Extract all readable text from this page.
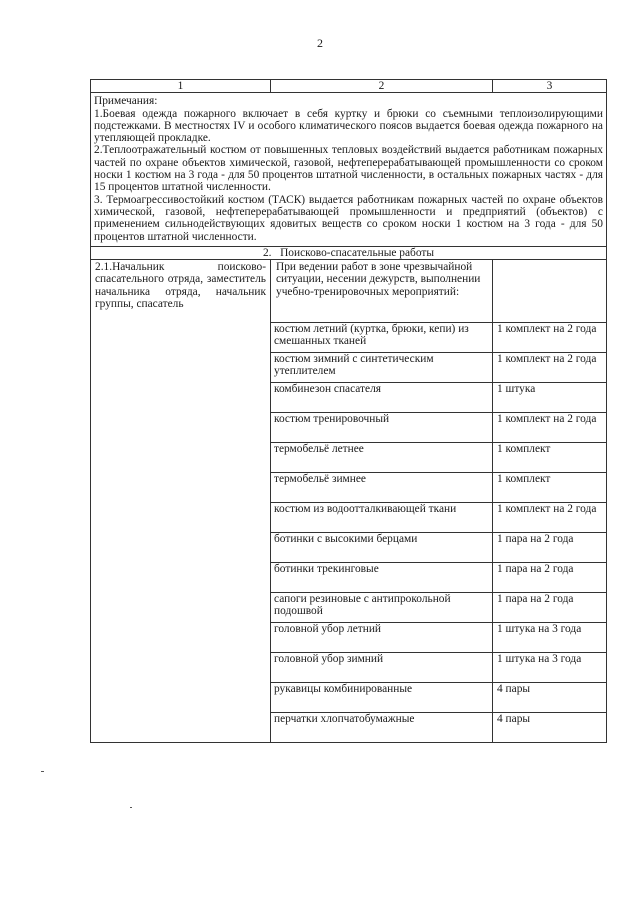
2
1	2	3

Примечания:

1.Боевая одежда пожарного включает в себя куртку и брюки со съемными теплоизолирующими подстежками. В местностях IV и особого климатического поясов выдается боевая одежда пожарного на утепляющей прокладке.

2.Теплоотражательный костюм от повышенных тепловых воздействий выдается работникам пожарных частей по охране объектов химической, газовой, нефтеперерабатывающей промышленности со сроком носки 1 костюм на 3 года - для 50 процентов штатной численности, в остальных пожарных частях - для 15 процентов штатной численности.

3. Термоагрессивостойкий костюм (ТАСК) выдается работникам пожарных частей по охране объектов химической, газовой, нефтеперерабатывающей промышленности и предприятий (объектов) с применением сильнодействующих ядовитых веществ со сроком носки 1 костюм на 3 года - для 50 процентов штатной численности.		

2. Поисково-спасательные работы		
2.1.Начальник поисково-спасательного отряда, заместитель начальника отряда, начальник группы, спасатель	При ведении работ в зоне чрезвычайной ситуации, несении дежурств, выполнении учебно-тренировочных мероприятий:	
	костюм летний (куртка, брюки, кепи) из смешанных тканей	1 комплект на 2 года
	костюм зимний с синтетическим утеплителем	1 комплект на 2 года
	комбинезон спасателя	1 штука
	костюм тренировочный	1 комплект на 2 года
	термобельё летнее	1 комплект
	термобельё зимнее	1 комплект
	костюм из водоотталкивающей ткани	1 комплект на 2 года
	ботинки с высокими берцами	1 пара на 2 года
	ботинки трекинговые	1 пара на 2 года
	сапоги резиновые с антипрокольной подошвой	1 пара на 2 года
	головной убор летний	1 штука на 3 года
	головной убор зимний	1 штука на 3 года
	рукавицы комбинированные	4 пары
	перчатки хлопчатобумажные	4 пары
